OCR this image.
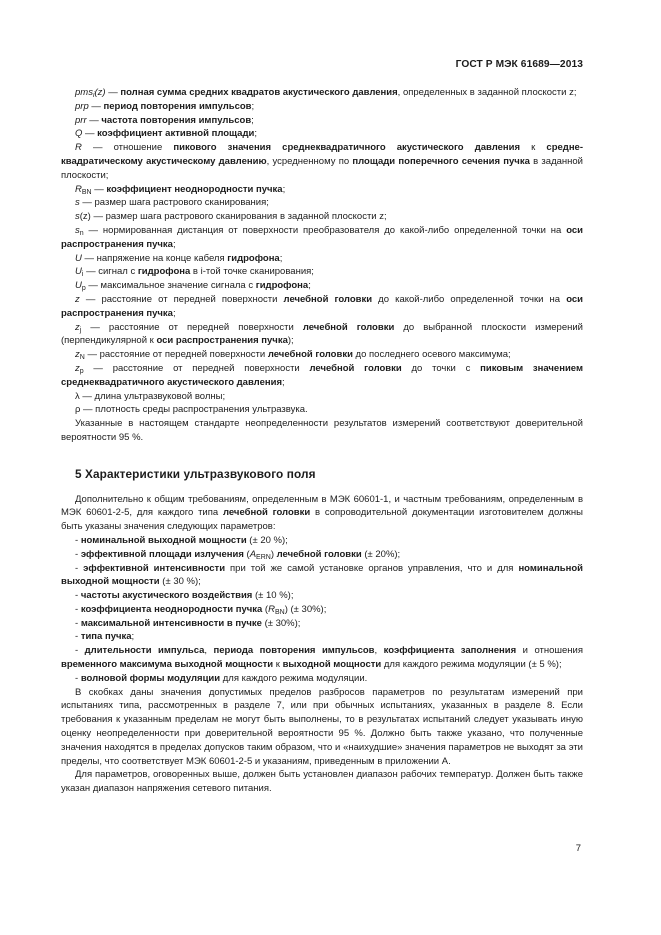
ГОСТ Р МЭК 61689—2013

pms$_i$(z) — полная сумма средних квадратов акустического давления, определенных в заданной плоскости z;

prp — период повторения импульсов;

prr — частота повторения импульсов;

Q — коэффициент активной площади;

R — отношение пикового значения среднеквадратичного акустического давления к среднеквадратическому акустическому давлению, усредненному по площади поперечного сечения пучка в заданной плоскости;

$R_{BN}$ — коэффициент неоднородности пучка;

s — размер шага растрового сканирования;

s(z) — размер шага растрового сканирования в заданной плоскости z;

$s_n$ — нормированная дистанция от поверхности преобразователя до какой-либо определенной точки на оси распространения пучка;

U — напряжение на конце кабеля гидрофона;

$U_i$ — сигнал с гидрофона в i-той точке сканирования;

$U_p$ — максимальное значение сигнала с гидрофона;

z — расстояние от передней поверхности лечебной головки до какой-либо определенной точки на оси распространения пучка;

$z_j$ — расстояние от передней поверхности лечебной головки до выбранной плоскости измерений (перпендикулярной к оси распространения пучка);

$z_N$ — расстояние от передней поверхности лечебной головки до последнего осевого максимума;

$z_p$ — расстояние от передней поверхности лечебной головки до точки с пиковым значением среднеквадратичного акустического давления;

λ — длина ультразвуковой волны;

ρ — плотность среды распространения ультразвука.

Указанные в настоящем стандарте неопределенности результатов измерений соответствуют доверительной вероятности 95 %.

5 Характеристики ультразвукового поля

Дополнительно к общим требованиям, определенным в МЭК 60601-1, и частным требованиям, определенным в МЭК 60601-2-5, для каждого типа лечебной головки в сопроводительной документации изготовителем должны быть указаны значения следующих параметров:

- номинальной выходной мощности (± 20 %);

- эффективной площади излучения $(A_{ERN})$ лечебной головки (± 20%);

- эффективной интенсивности при той же самой установке органов управления, что и для номинальной выходной мощности (± 30 %);

- частоты акустического воздействия (± 10 %);

- коэффициента неоднородности пучка $(R_{BN})$ (± 30%);

- максимальной интенсивности в пучке (± 30%);

- типа пучка;

- длительности импульса, периода повторения импульсов, коэффициента заполнения и отношения временного максимума выходной мощности к выходной мощности для каждого режима модуляции (± 5 %);

- волновой формы модуляции для каждого режима модуляции.

В скобках даны значения допустимых пределов разбросов параметров по результатам измерений при испытаниях типа, рассмотренных в разделе 7, или при обычных испытаниях, указанных в разделе 8. Если требования к указанным пределам не могут быть выполнены, то в результатах испытаний следует указывать иную оценку неопределенности при доверительной вероятности 95 %. Должно быть также указано, что полученные значения находятся в пределах допусков таким образом, что и «наихудшие» значения параметров не выходят за эти пределы, что соответствует МЭК 60601-2-5 и указаниям, приведенным в приложении А.

Для параметров, оговоренных выше, должен быть установлен диапазон рабочих температур. Должен быть также указан диапазон напряжения сетевого питания.

7
